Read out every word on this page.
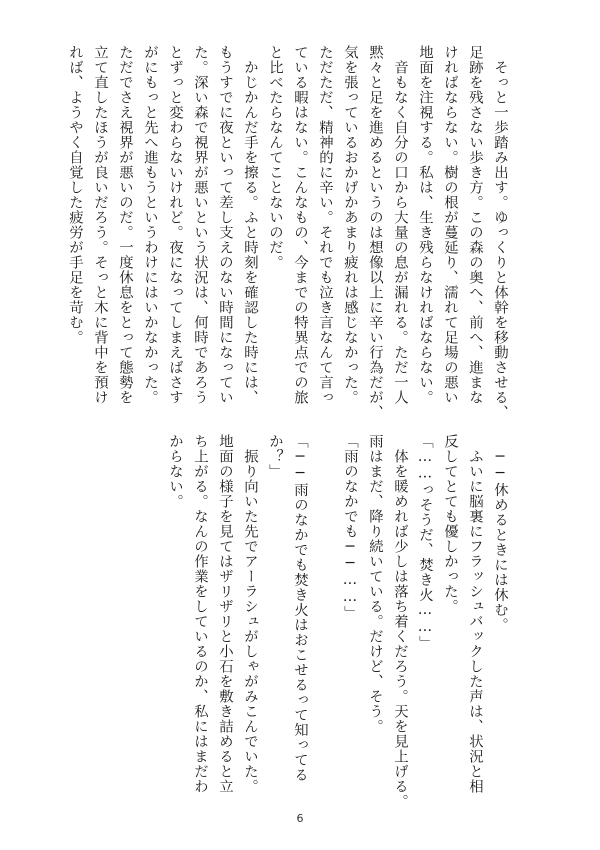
　そっと一歩踏み出す。ゆっくりと体幹を移動させる、
足跡を残さない歩き方。この森の奥へ、前へ、進まな
ければならない。樹の根が蔓延り、濡れて足場の悪い
地面を注視する。私は、生き残らなければならない。
　音もなく自分の口から大量の息が漏れる。ただ一人
黙々と足を進めるというのは想像以上に辛い行為だが、
気を張っているおかげかあまり疲れは感じなかった。
ただただ、精神的に辛い。それでも泣き言なんて言っ
ている暇はない。こんなもの、今までの特異点での旅
と比べたらなんてことないのだ。
　かじかんだ手を擦る。ふと時刻を確認した時には、
もうすでに夜といって差し支えのない時間になってい
た。深い森で視界が悪いという状況は、何時であろう
とずっと変わらないけれど。夜になってしまえばさす
がにもっと先へ進もうというわけにはいかなかった。
ただでさえ視界が悪いのだ。一度休息をとって態勢を
立て直したほうが良いだろう。そっと木に背中を預け
れば、ようやく自覚した疲労が手足を苛む。
　──休めるときには休む。
　ふいに脳裏にフラッシュバックした声は、状況と相
反してとても優しかった。
「……っそうだ、焚き火……」
　体を暖めれば少しは落ち着くだろう。天を見上げる。
雨はまだ、降り続いている。だけど、そう。
「雨のなかでも──……」

「──雨のなかでも焚き火はおこせるって知ってる
か？」
　振り向いた先でアーラシュがしゃがみこんでいた。
地面の様子を見てはザリザリと小石を敷き詰めると立
ち上がる。なんの作業をしているのか、私にはまだわ
からない。
6
